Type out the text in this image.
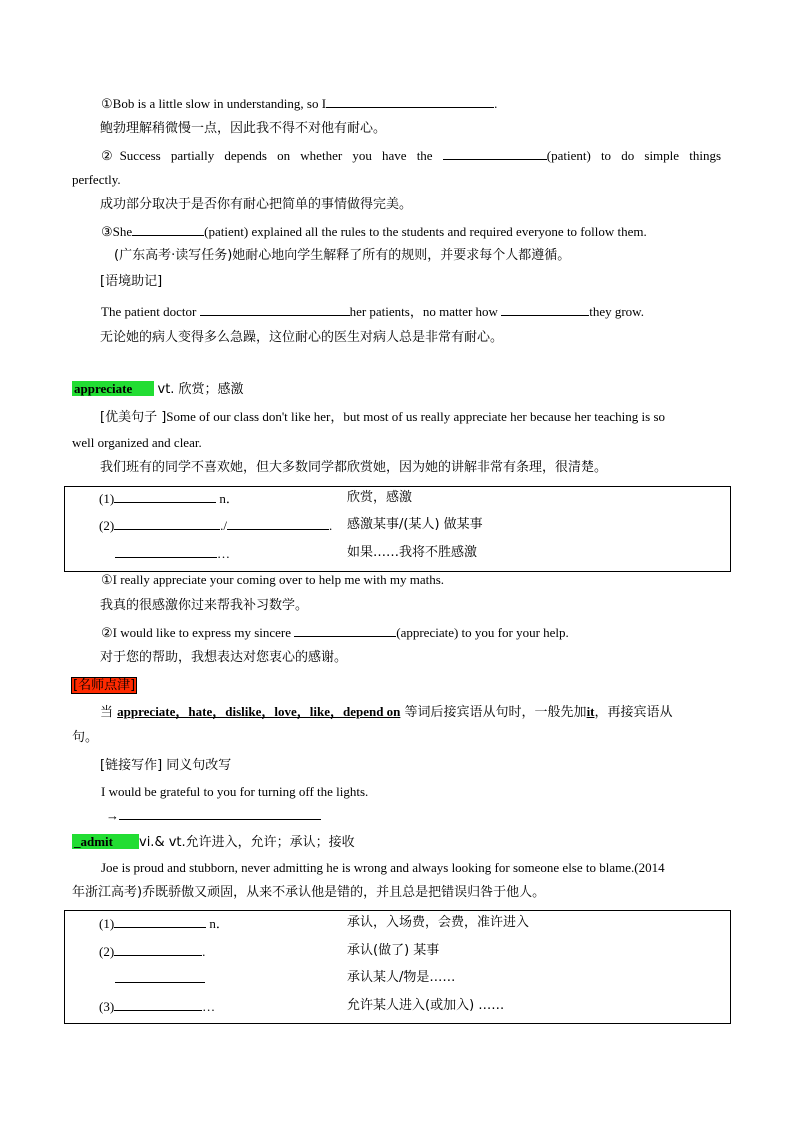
①Bob is a little slow in understanding, so I	.
鲍勃理解稍微慢一点，因此我不得不对他有耐心。
②Success partially depends on whether you have the	(patient) to do simple things
perfectly.
成功部分取决于是否你有耐心把简单的事情做得完美。
③She	(patient) explained all the rules to the students and required everyone to follow them.
(广东高考·读写任务)她耐心地向学生解释了所有的规则，并要求每个人都遵循。
[语境助记]
The patient doctor	her patients，no matter how	they grow.
无论她的病人变得多么急躁，这位耐心的医生对病人总是非常有耐心。
appreciate vt. 欣赏；感激
[优美句子 ]Some of our class don't like her，but most of us really appreciate her because her teaching is so
well organized and clear.
我们班有的同学不喜欢她，但大多数同学都欣赏她，因为她的讲解非常有条理，很清楚。
(1)	n．	欣赏，感激
(2)	./	. 感激某事/(某人) 做某事
…	如果……我将不胜感激
①I really appreciate your coming over to help me with my maths.
我真的很感激你过来帮我补习数学。
②I would like to express my sincere	(appreciate) to you for your help.
对于您的帮助，我想表达对您衷心的感谢。
[名师点津]
当 appreciate，hate，dislike，love，like，depend on 等词后接宾语从句时，一般先加it，再接宾语从
句。
[链接写作] 同义句改写
I would be grateful to you for turning off the lights.
→
_admit vi.& vt.允许进入，允许；承认；接收
Joe is proud and stubborn, never admitting he is wrong and always looking for someone else to blame.(2014
年浙江高考)乔既骄傲又顽固，从来不承认他是错的，并且总是把错误归咎于他人。
(1)	n．	承认，入场费，会费，准许进入
(2)	.	承认(做了) 某事
承认某人/物是……
(3)	…	允许某人进入(或加入) ……
